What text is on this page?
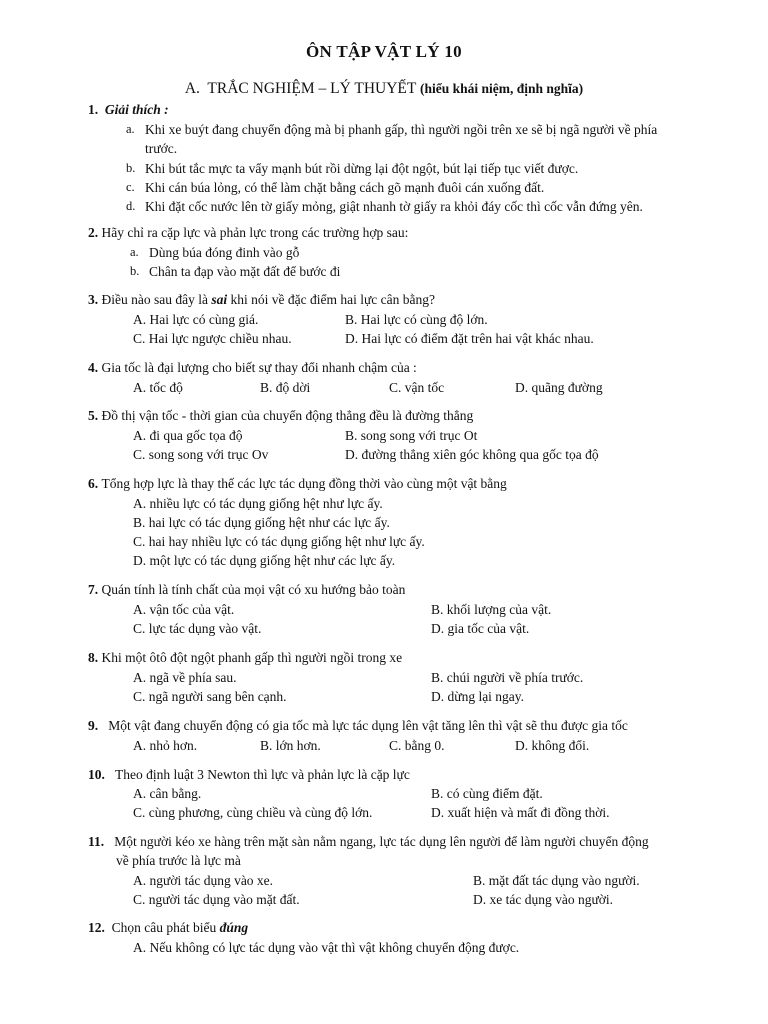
ÔN TẬP VẬT LÝ 10
A. TRẮC NGHIỆM – LÝ THUYẾT (hiểu khái niệm, định nghĩa)
1. Giải thích :
a. Khi xe buýt đang chuyển động mà bị phanh gấp, thì người ngồi trên xe sẽ bị ngã người về phía
trước.
b. Khi bút tắc mực ta vẩy mạnh bút rồi dừng lại đột ngột, bút lại tiếp tục viết được.
c. Khi cán búa lỏng, có thể làm chặt bằng cách gõ mạnh đuôi cán xuống đất.
d. Khi đặt cốc nước lên tờ giấy mỏng, giật nhanh tờ giấy ra khỏi đáy cốc thì cốc vẫn đứng yên.
2. Hãy chỉ ra cặp lực và phản lực trong các trường hợp sau:
a. Dùng búa đóng đinh vào gỗ
b. Chân ta đạp vào mặt đất để bước đi
3. Điều nào sau đây là sai khi nói về đặc điểm hai lực cân bằng?
A. Hai lực có cùng giá.	B. Hai lực có cùng độ lớn.
C. Hai lực ngược chiều nhau.	D. Hai lực có điểm đặt trên hai vật khác nhau.
4. Gia tốc là đại lượng cho biết sự thay đổi nhanh chậm của :
A. tốc độ	B. độ dời	C. vận tốc	D. quãng đường
5. Đồ thị vận tốc - thời gian của chuyển động thẳng đều là đường thẳng
A. đi qua gốc tọa độ	B. song song với trục Ot
C. song song với trục Ov	D. đường thẳng xiên góc không qua gốc tọa độ
6. Tổng hợp lực là thay thế các lực tác dụng đồng thời vào cùng một vật bằng
A. nhiều lực có tác dụng giống hệt như lực ấy.
B. hai lực có tác dụng giống hệt như các lực ấy.
C. hai hay nhiều lực có tác dụng giống hệt như lực ấy.
D. một lực có tác dụng giống hệt như các lực ấy.
7. Quán tính là tính chất của mọi vật có xu hướng bảo toàn
A. vận tốc của vật.	B. khối lượng của vật.
C. lực tác dụng vào vật.	D. gia tốc của vật.
8. Khi một ôtô đột ngột phanh gấp thì người ngồi trong xe
A. ngã về phía sau.	B. chúi người về phía trước.
C. ngã người sang bên cạnh.	D. dừng lại ngay.
9. Một vật đang chuyển động có gia tốc mà lực tác dụng lên vật tăng lên thì vật sẽ thu được gia tốc
A. nhỏ hơn.	B. lớn hơn.	C. bằng 0.	D. không đổi.
10. Theo định luật 3 Newton thì lực và phản lực là cặp lực
A. cân bằng.	B. có cùng điểm đặt.
C. cùng phương, cùng chiều và cùng độ lớn.	D. xuất hiện và mất đi đồng thời.
11. Một người kéo xe hàng trên mặt sàn nằm ngang, lực tác dụng lên người để làm người chuyển động
về phía trước là lực mà
A. người tác dụng vào xe.	B. mặt đất tác dụng vào người.
C. người tác dụng vào mặt đất.	D. xe tác dụng vào người.
12. Chọn câu phát biểu đúng
A. Nếu không có lực tác dụng vào vật thì vật không chuyển động được.
